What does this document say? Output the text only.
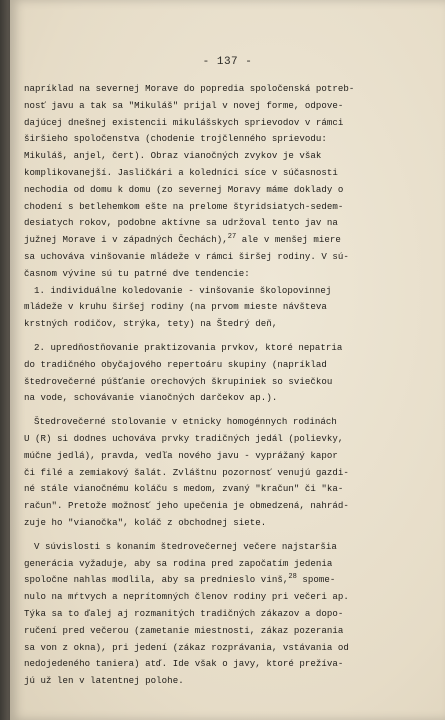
- 137 -
napríklad na severnej Morave do popredia spoločenská potreb-
nosť javu a tak sa "Mikuláš" prijal v novej forme, odpove-
dajúcej dnešnej existencii mikulášskych sprievodov v rámci
širšieho spoločenstva (chodenie trojčlenného sprievodu:
Mikuláš, anjel, čert). Obraz vianočných zvykov je však
komplikovanejší. Jasličkári a koledníci síce v súčasnosti
nechodia od domu k domu (zo severnej Moravy máme doklady o
chodení s betlehemkom ešte na prelome štyridsiatych-sedem-
desiatych rokov, podobne aktívne sa udržoval tento jav na
južnej Morave i v západných Čechách),$^{27}$ ale v menšej miere
sa uchováva vinšovanie mládeže v rámci širšej rodiny. V sú-
časnom vývine sú tu patrné dve tendencie:
1. individuálne koledovanie - vinšovanie školopovinnej
mládeže v kruhu širšej rodiny (na prvom mieste návšteva
krstných rodičov, strýka, tety) na Štedrý deň,
2. upredňostňovanie praktizovania prvkov, ktoré nepatria
do tradičného obyčajového repertoáru skupiny (napríklad
štedrovečerné púšťanie orechových škrupiniek so sviečkou
na vode, schovávanie vianočných darčekov ap.).
Štedrovečerné stolovanie v etnicky homogénnych rodinách
U (R) si dodnes uchováva prvky tradičných jedál (polievky,
múčne jedlá), pravda, vedľa nového javu - vyprážaný kapor
či filé a zemiakový šalát. Zvláštnu pozornosť venujú gazdi-
né stále vianočnému koláču s medom, zvaný "kračun" či "ka-
račun". Pretože možnosť jeho upečenia je obmedzená, nahrád-
zuje ho "vianočka", koláč z obchodnej siete.
V súvislosti s konaním štedrovečernej večere najstaršia
generácia vyžaduje, aby sa rodina pred započatím jedenia
spoločne nahlas modlila, aby sa prednieslo vinš,$^{28}$ spome-
nulo na mŕtvych a neprítomných členov rodiny pri večeri ap.
Týka sa to ďalej aj rozmanitých tradičných zákazov a dopo-
ručení pred večerou (zametanie miestnosti, zákaz pozerania
sa von z okna), pri jedení (zákaz rozprávania, vstávania od
nedojedeného taniera) atď. Ide však o javy, ktoré prežíva-
jú už len v latentnej polohe.
